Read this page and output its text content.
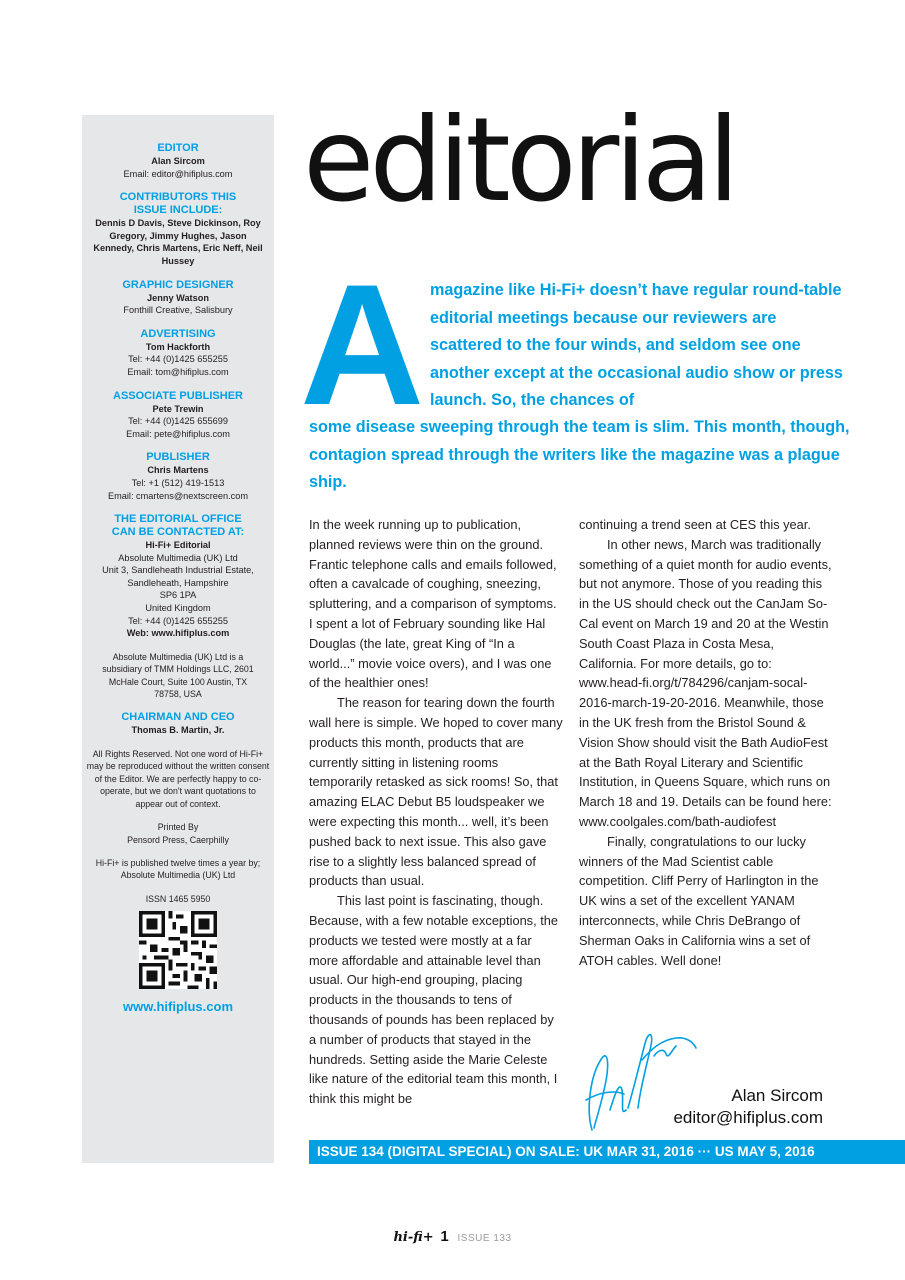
EDITOR
Alan Sircom
Email: editor@hifiplus.com
CONTRIBUTORS THIS ISSUE INCLUDE:
Dennis D Davis, Steve Dickinson, Roy Gregory, Jimmy Hughes, Jason Kennedy, Chris Martens, Eric Neff, Neil Hussey
GRAPHIC DESIGNER
Jenny Watson
Fonthill Creative, Salisbury
ADVERTISING
Tom Hackforth
Tel: +44 (0)1425 655255
Email: tom@hifiplus.com
ASSOCIATE PUBLISHER
Pete Trewin
Tel: +44 (0)1425 655699
Email: pete@hifiplus.com
PUBLISHER
Chris Martens
Tel: +1 (512) 419-1513
Email: cmartens@nextscreen.com
THE EDITORIAL OFFICE CAN BE CONTACTED AT:
Hi-Fi+ Editorial
Absolute Multimedia (UK) Ltd
Unit 3, Sandleheath Industrial Estate,
Sandleheath, Hampshire
SP6 1PA
United Kingdom
Tel: +44 (0)1425 655255
Web: www.hifiplus.com
Absolute Multimedia (UK) Ltd is a subsidiary of TMM Holdings LLC, 2601 McHale Court, Suite 100 Austin, TX 78758, USA
CHAIRMAN AND CEO
Thomas B. Martin, Jr.
All Rights Reserved. Not one word of Hi-Fi+ may be reproduced without the written consent of the Editor. We are perfectly happy to co-operate, but we don't want quotations to appear out of context.
Printed By
Pensord Press, Caerphilly
Hi-Fi+ is published twelve times a year by; Absolute Multimedia (UK) Ltd
ISSN 1465 5950
www.hifiplus.com
editorial
A magazine like Hi-Fi+ doesn’t have regular round-table editorial meetings because our reviewers are scattered to the four winds, and seldom see one another except at the occasional audio show or press launch. So, the chances of
some disease sweeping through the team is slim. This month, though, contagion spread through the writers like the magazine was a plague ship.

In the week running up to publication, planned reviews were thin on the ground. Frantic telephone calls and emails followed, often a cavalcade of coughing, sneezing, spluttering, and a comparison of symptoms. I spent a lot of February sounding like Hal Douglas (the late, great King of “In a world...” movie voice overs), and I was one of the healthier ones!

The reason for tearing down the fourth wall here is simple. We hoped to cover many products this month, products that are currently sitting in listening rooms temporarily retasked as sick rooms! So, that amazing ELAC Debut B5 loudspeaker we were expecting this month... well, it’s been pushed back to next issue. This also gave rise to a slightly less balanced spread of products than usual.

This last point is fascinating, though. Because, with a few notable exceptions, the products we tested were mostly at a far more affordable and attainable level than usual. Our high-end grouping, placing products in the thousands to tens of thousands of pounds has been replaced by a number of products that stayed in the hundreds. Setting aside the Marie Celeste like nature of the editorial team this month, I think this might be

continuing a trend seen at CES this year.

In other news, March was traditionally something of a quiet month for audio events, but not anymore. Those of you reading this in the US should check out the CanJam So-Cal event on March 19 and 20 at the Westin South Coast Plaza in Costa Mesa, California. For more details, go to: www.head-fi.org/t/784296/canjam-socal-2016-march-19-20-2016. Meanwhile, those in the UK fresh from the Bristol Sound & Vision Show should visit the Bath AudioFest at the Bath Royal Literary and Scientific Institution, in Queens Square, which runs on March 18 and 19. Details can be found here: www.coolgales.com/bath-audiofest

Finally, congratulations to our lucky winners of the Mad Scientist cable competition. Cliff Perry of Harlington in the UK wins a set of the excellent YANAM interconnects, while Chris DeBrango of Sherman Oaks in California wins a set of ATOH cables. Well done!

Alan Sircom
editor@hifiplus.com
ISSUE 134 (DIGITAL SPECIAL) ON SALE: UK MAR 31, 2016 ··· US MAY 5, 2016
hi-fi+ 1 ISSUE 133
